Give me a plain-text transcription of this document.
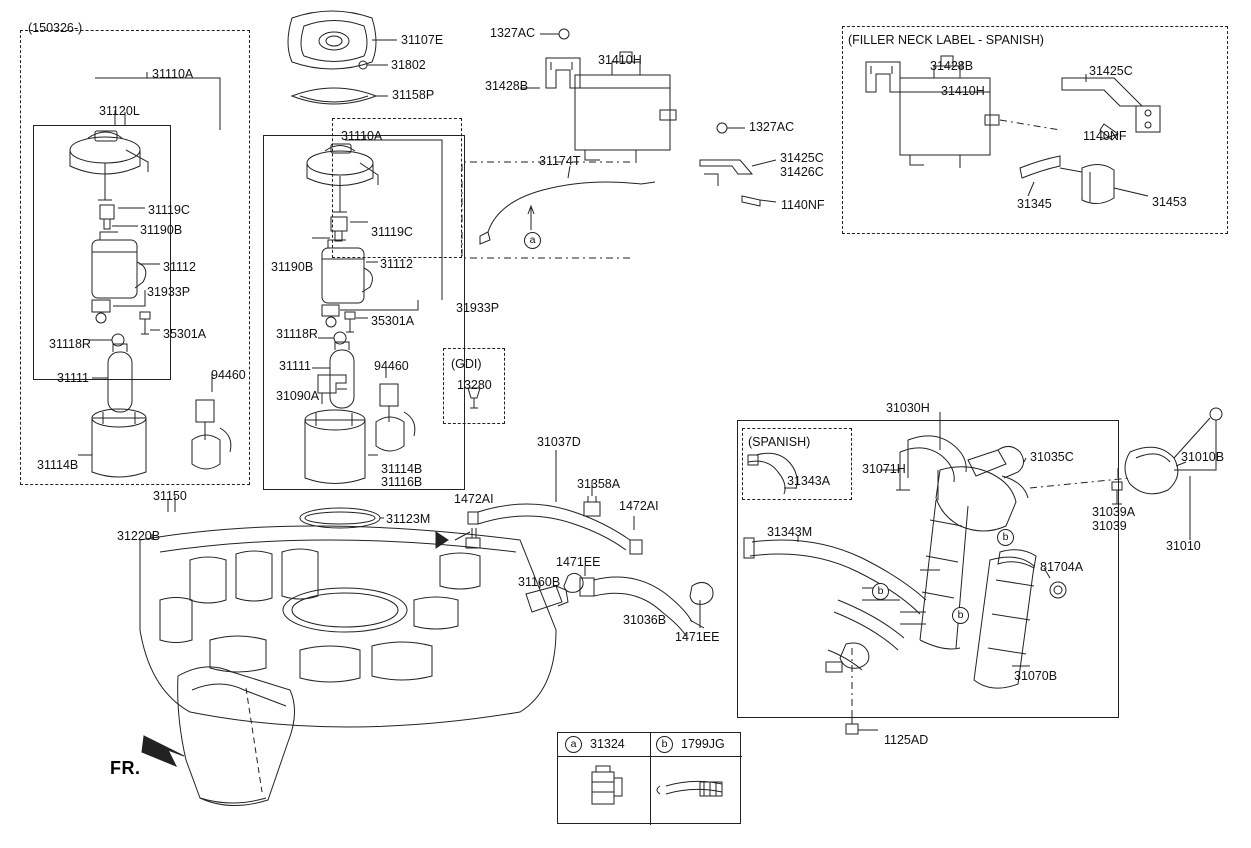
a
b
b
b
a	31324	b	1799JG
(150326-)
31110A
31120L
31119C
31190B
31112
31933P
35301A
31118R
31111	94460
31114B
31150
31220B
31110A
31119C
31190B	31112
31933P
35301A
31118R
31111	94460
31090A
(GDI)
13280
31114B
31116B
31107E
31802
31158P
1327AC
31428B
31410H
1327AC
31425C
31426C
1140NF
31174T
(FILLER NECK LABEL - SPANISH)
31428B
31410H
31425C
1140NF
31345	31453
31030H
(SPANISH)
31343A
31071H
31035C
31039A
31039
31010B
31010
81704A
31070B
31343M
1125AD
31037D
31358A
1472AI	1472AI
1471EE
31160B
31036B
1471EE
31123M
FR.
